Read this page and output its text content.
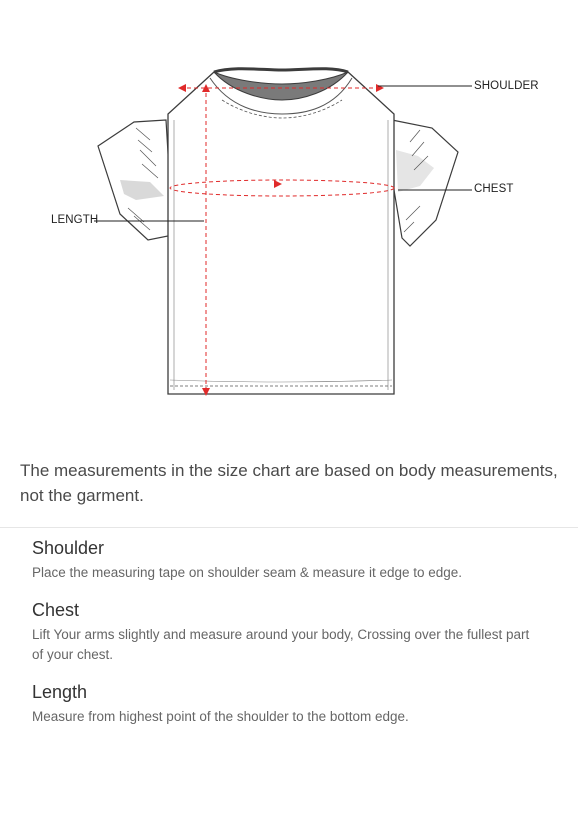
SHOULDER
CHEST
LENGTH
The measurements in the size chart are based on body measurements, not the garment.
Shoulder

Place the measuring tape on shoulder seam & measure it edge to edge.

Chest

Lift Your arms slightly and measure around your body, Crossing over the fullest part of your chest.

Length

Measure from highest point of the shoulder to the bottom edge.
